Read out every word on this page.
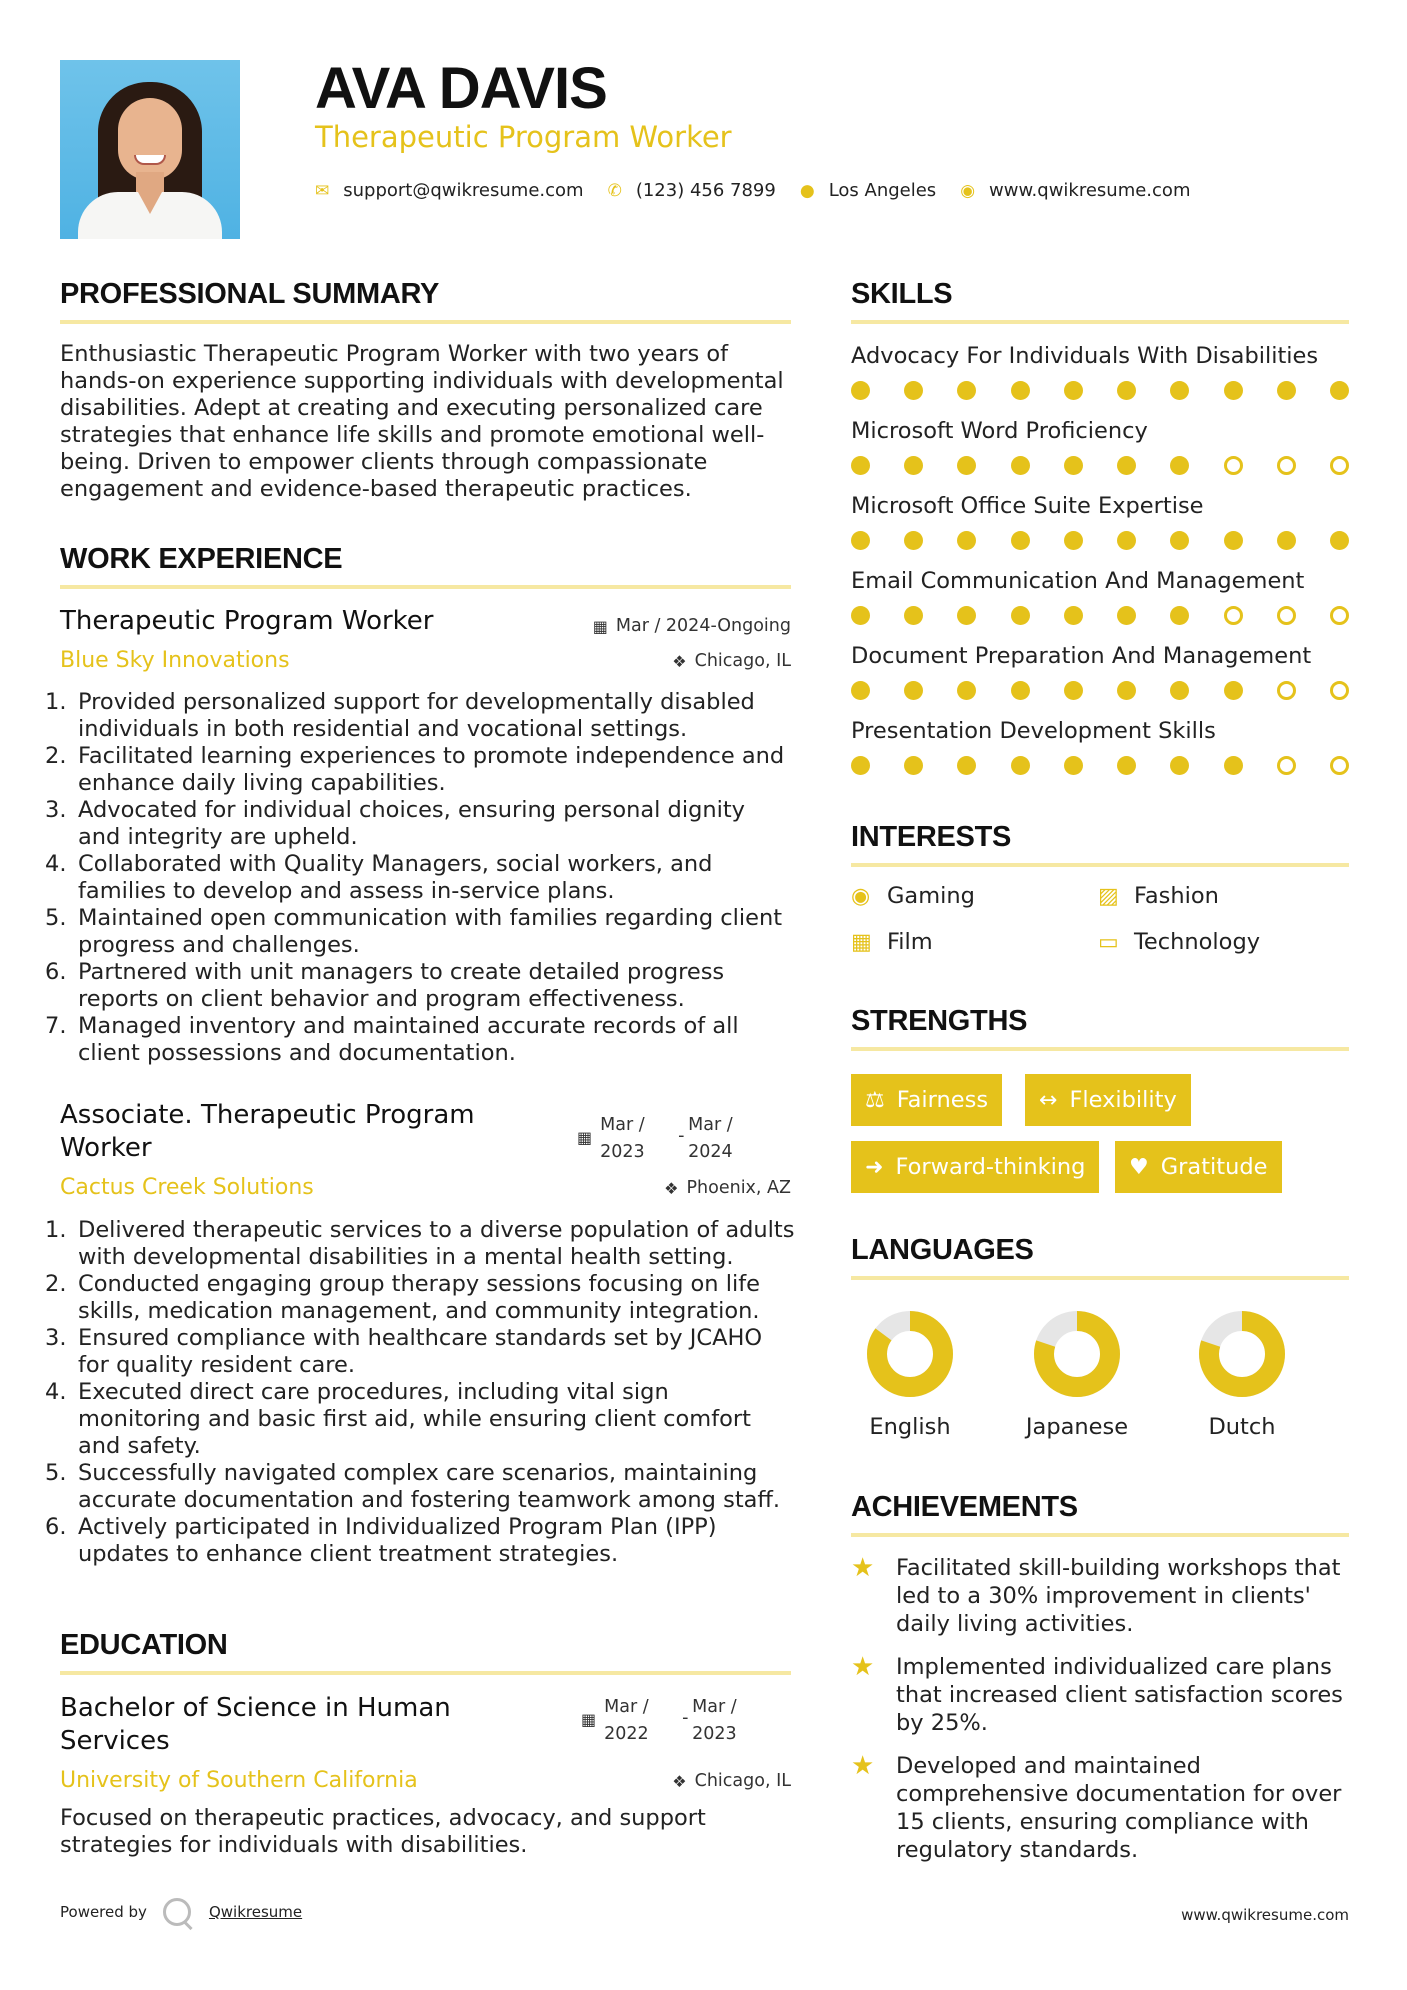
AVA DAVIS
Therapeutic Program Worker
✉ support@qwikresume.com ✆ (123) 456 7899 ● Los Angeles ◉ www.qwikresume.com
PROFESSIONAL SUMMARY
Enthusiastic Therapeutic Program Worker with two years of
hands-on experience supporting individuals with developmental
disabilities. Adept at creating and executing personalized care
strategies that enhance life skills and promote emotional well-
being. Driven to empower clients through compassionate
engagement and evidence-based therapeutic practices.
WORK EXPERIENCE
Therapeutic Program Worker	▦ Mar / 2024-Ongoing
Blue Sky Innovations	❖ Chicago, IL
1. Provided personalized support for developmentally disabled
individuals in both residential and vocational settings.
2. Facilitated learning experiences to promote independence and
enhance daily living capabilities.
3. Advocated for individual choices, ensuring personal dignity
and integrity are upheld.
4. Collaborated with Quality Managers, social workers, and
families to develop and assess in-service plans.
5. Maintained open communication with families regarding client
progress and challenges.
6. Partnered with unit managers to create detailed progress
reports on client behavior and program effectiveness.
7. Managed inventory and maintained accurate records of all
client possessions and documentation.
Associate. Therapeutic Program
Worker	▦
Mar /
2023
-
Mar /
2024
Cactus Creek Solutions	❖ Phoenix, AZ
1. Delivered therapeutic services to a diverse population of adults
with developmental disabilities in a mental health setting.
2. Conducted engaging group therapy sessions focusing on life
skills, medication management, and community integration.
3. Ensured compliance with healthcare standards set by JCAHO
for quality resident care.
4. Executed direct care procedures, including vital sign
monitoring and basic first aid, while ensuring client comfort
and safety.
5. Successfully navigated complex care scenarios, maintaining
accurate documentation and fostering teamwork among staff.
6. Actively participated in Individualized Program Plan (IPP)
updates to enhance client treatment strategies.
EDUCATION
Bachelor of Science in Human
Services
▦
Mar /
2022
-
Mar /
2023
University of Southern California	❖ Chicago, IL
Focused on therapeutic practices, advocacy, and support
strategies for individuals with disabilities.
SKILLS
Advocacy For Individuals With Disabilities
Microsoft Word Proficiency
Microsoft Office Suite Expertise
Email Communication And Management
Document Preparation And Management
Presentation Development Skills
INTERESTS
◉ Gaming	▨ Fashion
▦ Film	▭ Technology
STRENGTHS
⚖ Fairness ↔ Flexibility
➜ Forward-thinking ♥ Gratitude
LANGUAGES
English	Japanese	Dutch
ACHIEVEMENTS
★ Facilitated skill-building workshops that
led to a 30% improvement in clients'
daily living activities.
★ Implemented individualized care plans
that increased client satisfaction scores
by 25%.
★ Developed and maintained
comprehensive documentation for over
15 clients, ensuring compliance with
regulatory standards.
Powered by	Qwikresume	www.qwikresume.com
